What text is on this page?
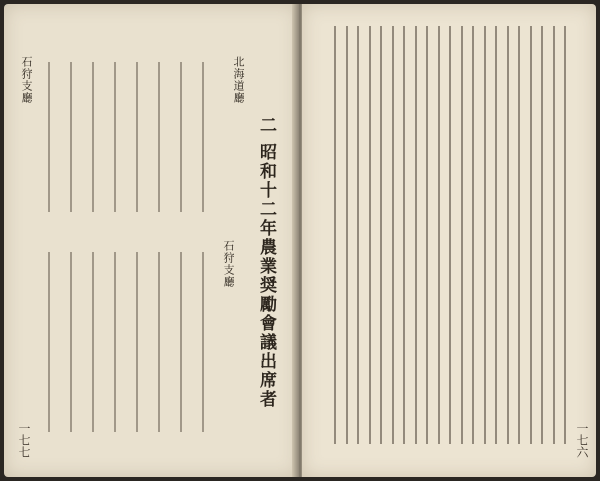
二 昭和十二年農業奨勵會議出席者
北海道廳
石狩支廳
石狩支廳
一七七	一七六
